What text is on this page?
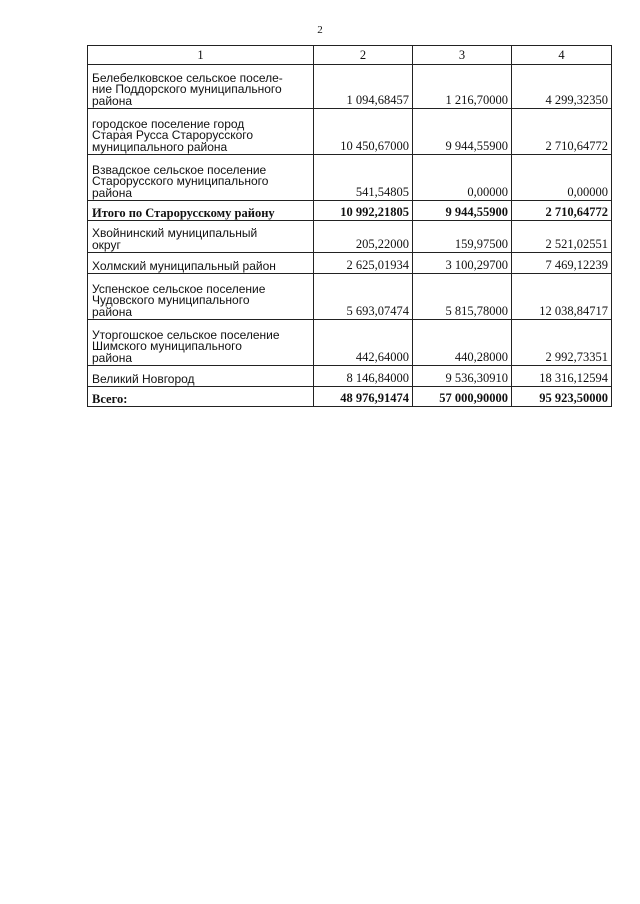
2
1	2	3	4

Белебелковское сельское поселе-
ние Поддорского муниципального
района	1 094,68457	1 216,70000	4 299,32350

городское поселение город
Старая Русса Старорусского
муниципального района	10 450,67000	9 944,55900	2 710,64772

Взвадское сельское поселение
Старорусского муниципального
района	541,54805	0,00000	0,00000
Итого по Старорусскому району	10 992,21805	9 944,55900	2 710,64772

Хвойнинский муниципальный
округ	205,22000	159,97500	2 521,02551
Холмский муниципальный район	2 625,01934	3 100,29700	7 469,12239

Успенское сельское поселение
Чудовского муниципального
района	5 693,07474	5 815,78000	12 038,84717

Уторгошское сельское поселение
Шимского муниципального
района	442,64000	440,28000	2 992,73351
Великий Новгород	8 146,84000	9 536,30910	18 316,12594
Всего:	48 976,91474	57 000,90000	95 923,50000
